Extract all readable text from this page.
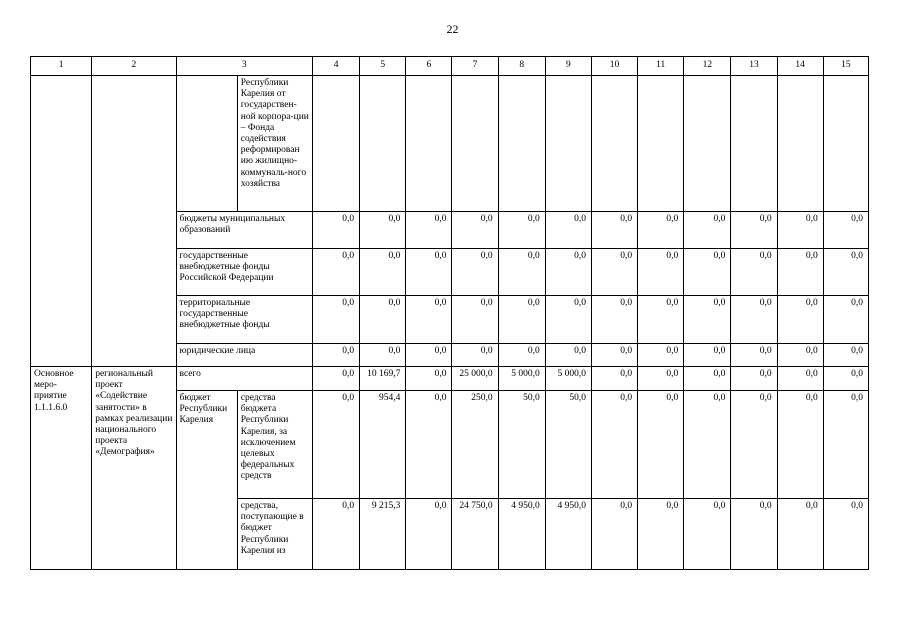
22
1	2	3		4	5	6	7	8	9	10	11	12	13	14	15
			Республики Карелия от государствен-ной корпора-ции – Фонда содействия реформирован ию жилищно-коммуналь-ного хозяйства												
		бюджеты муниципальных образований		0,0	0,0	0,0	0,0	0,0	0,0	0,0	0,0	0,0	0,0	0,0	0,0
		государственные внебюджетные фонды Российской Федерации		0,0	0,0	0,0	0,0	0,0	0,0	0,0	0,0	0,0	0,0	0,0	0,0
		территориальные государственные внебюджетные фонды		0,0	0,0	0,0	0,0	0,0	0,0	0,0	0,0	0,0	0,0	0,0	0,0
		юридические лица		0,0	0,0	0,0	0,0	0,0	0,0	0,0	0,0	0,0	0,0	0,0	0,0
Основное меро-приятие 1.1.1.6.0	региональный проект «Содействие занятости» в рамках реализации национального проекта «Демография»	всего		0,0	10 169,7	0,0	25 000,0	5 000,0	5 000,0	0,0	0,0	0,0	0,0	0,0	0,0
		бюджет Республики Карелия	средства бюджета Республики Карелия, за исключением целевых федеральных средств	0,0	954,4	0,0	250,0	50,0	50,0	0,0	0,0	0,0	0,0	0,0	0,0
			средства, поступающие в бюджет Республики Карелия из	0,0	9 215,3	0,0	24 750,0	4 950,0	4 950,0	0,0	0,0	0,0	0,0	0,0	0,0
